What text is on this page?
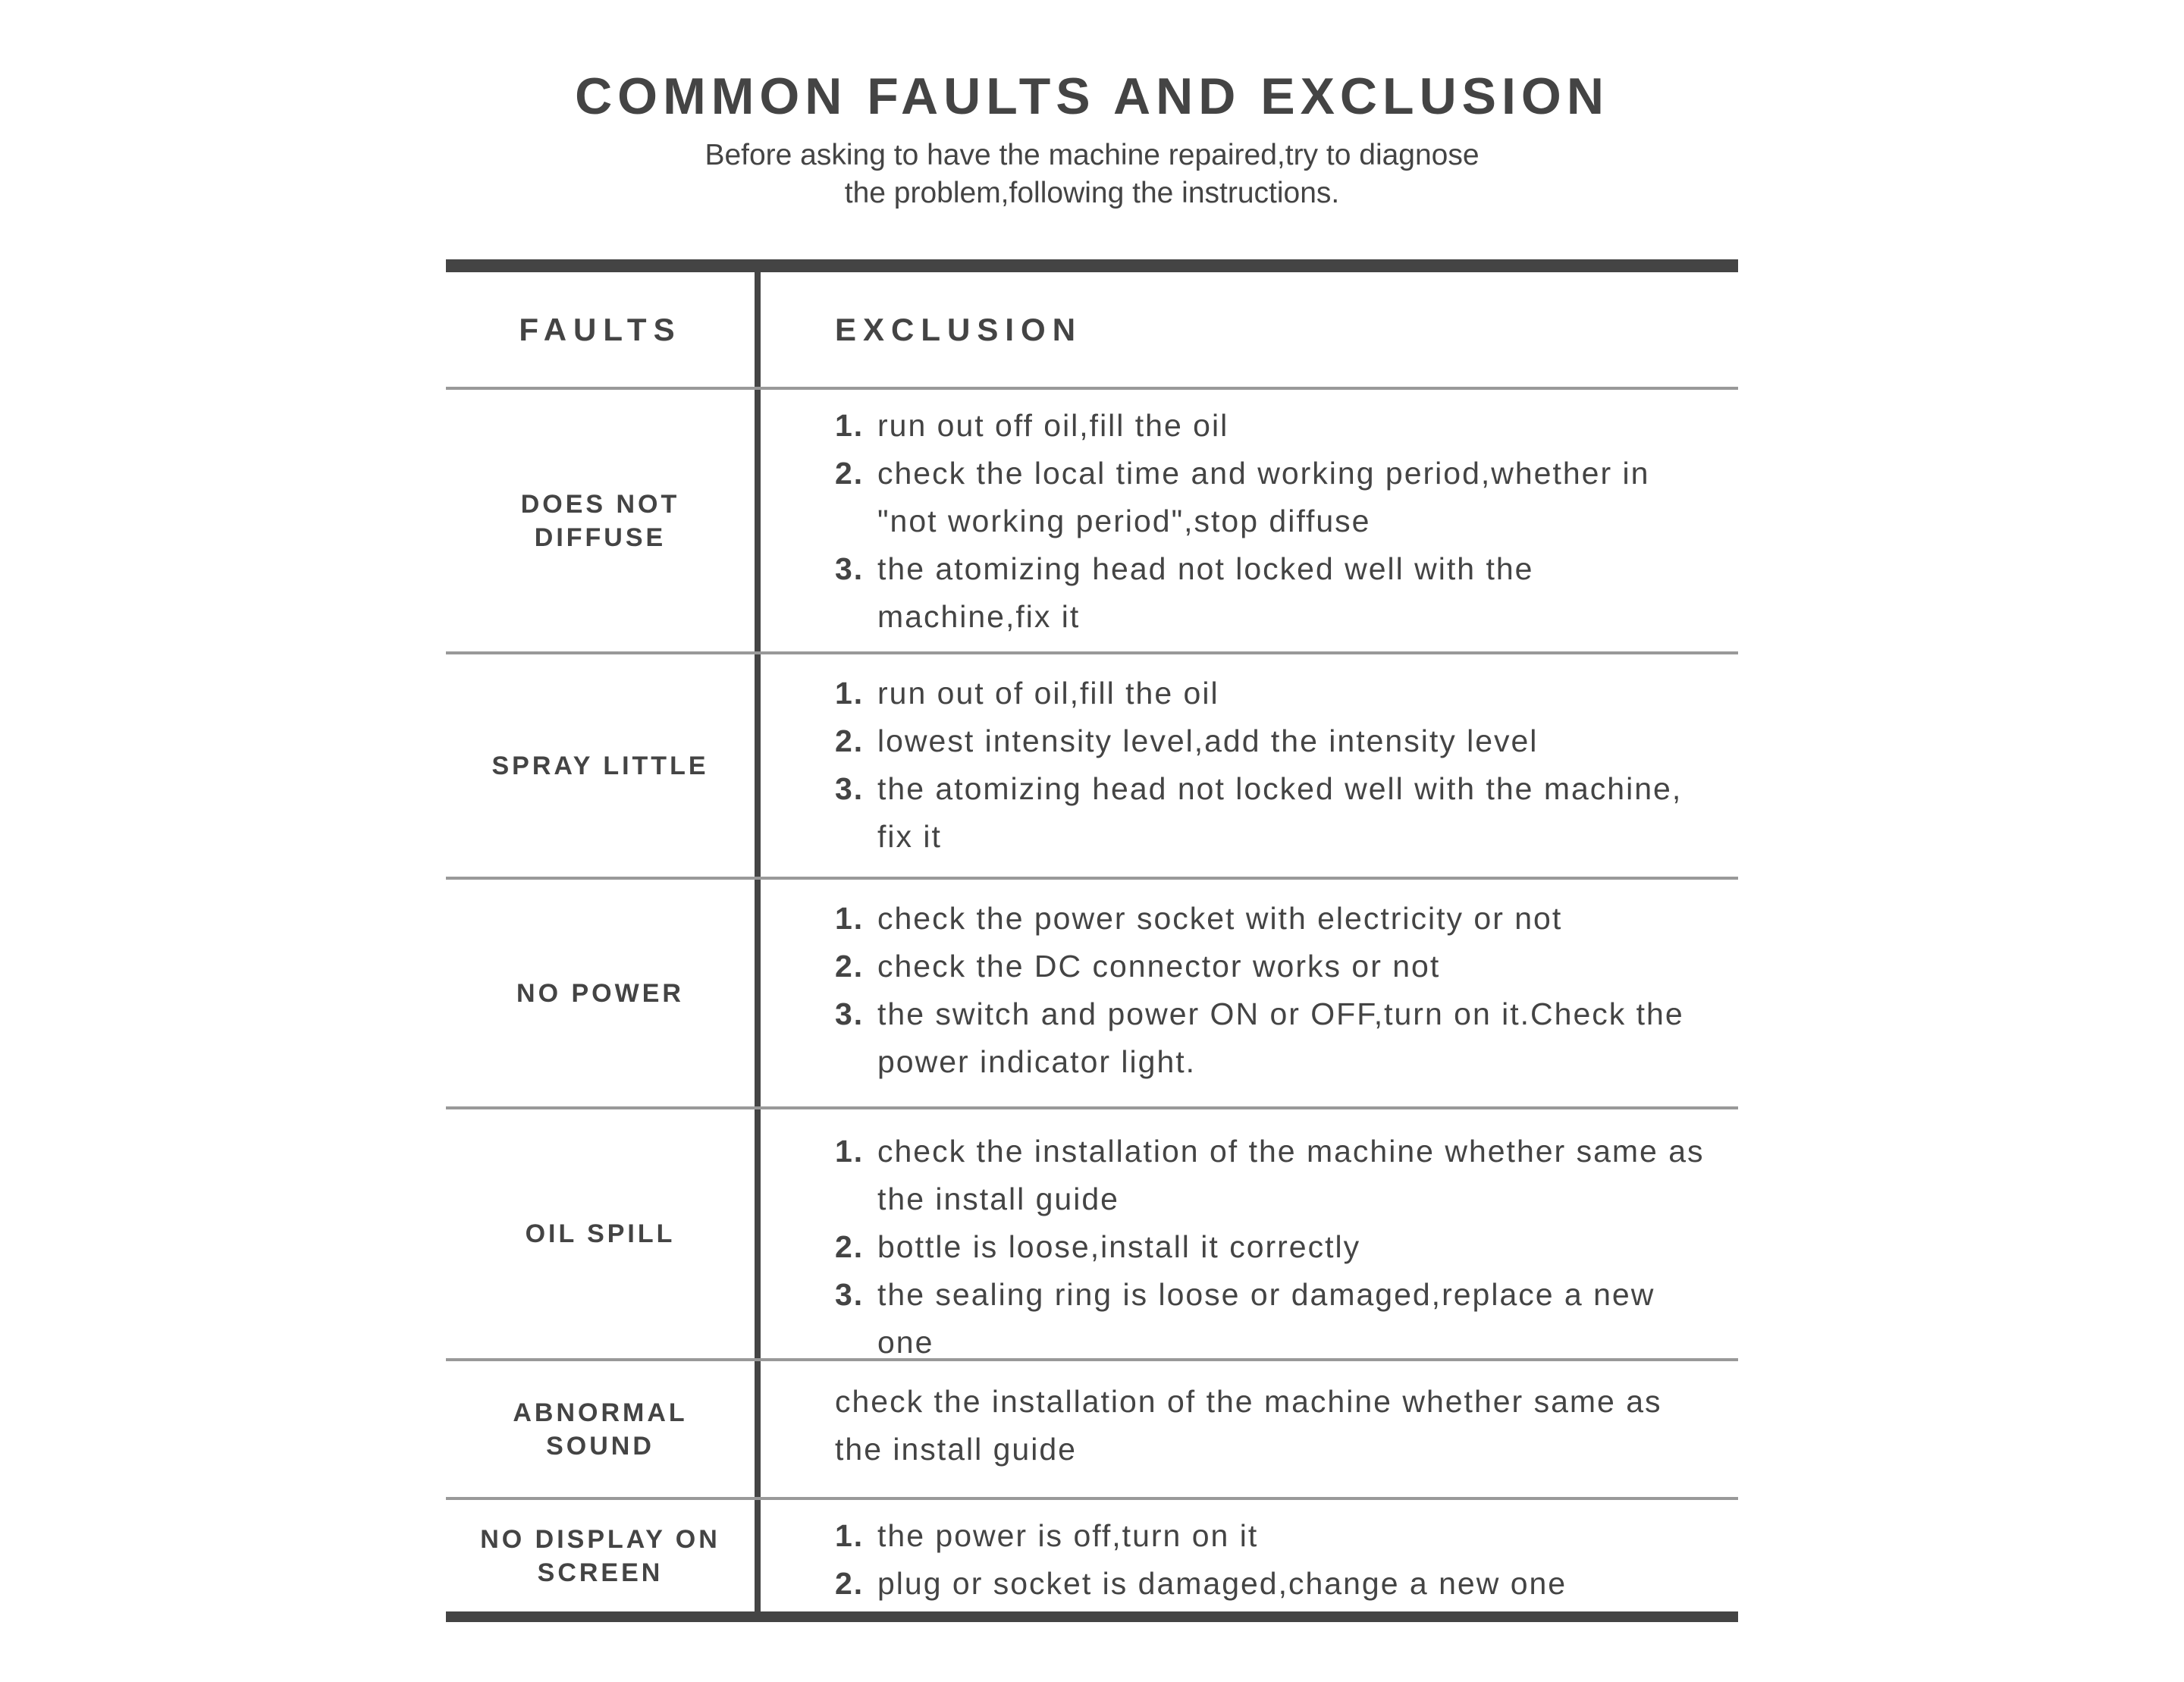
COMMON FAULTS AND EXCLUSION
Before asking to have the machine repaired,try to diagnose
the problem,following the instructions.
FAULTS	EXCLUSION
DOES NOT DIFFUSE
1. run out off oil,fill the oil
2. check the local time and working period,whether in "not working period",stop diffuse
3. the atomizing head not locked well with the machine,fix it
SPRAY LITTLE
1. run out of oil,fill the oil
2. lowest intensity level,add the intensity level
3. the atomizing head not locked well with the machine, fix it
NO POWER
1. check the power socket with electricity or not
2. check the DC connector works or not
3. the switch and power ON or OFF,turn on it.Check the power indicator light.
OIL SPILL
1. check the installation of the machine whether same as the install guide
2. bottle is loose,install it correctly
3. the sealing ring is loose or damaged,replace a new one
ABNORMAL SOUND
check the installation of the machine whether same as the install guide
NO DISPLAY ON SCREEN
1. the power is off,turn on it
2. plug or socket is damaged,change a new one
